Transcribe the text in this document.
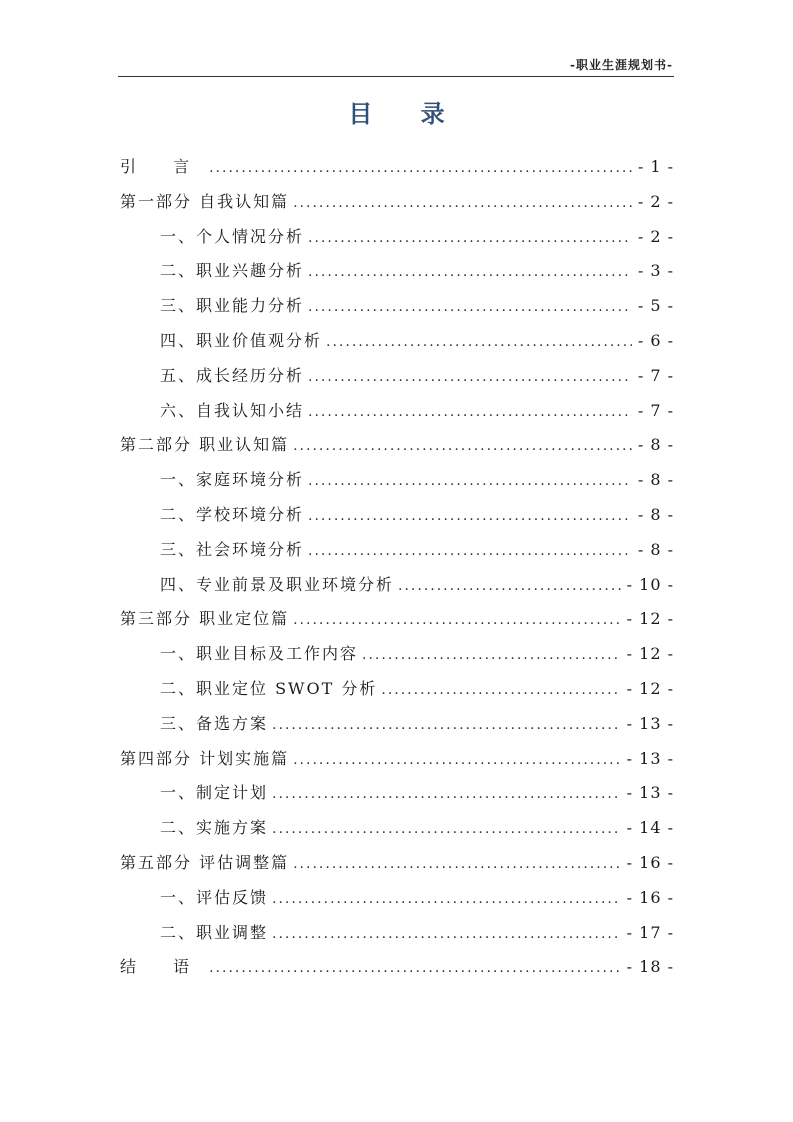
-职业生涯规划书-
目 录
引 言 .....	- 1 -
第一部分 自我认知篇 .....	- 2 -
一、个人情况分析 .....	- 2 -
二、职业兴趣分析 .....	- 3 -
三、职业能力分析 .....	- 5 -
四、职业价值观分析 .....	- 6 -
五、成长经历分析 .....	- 7 -
六、自我认知小结 .....	- 7 -
第二部分 职业认知篇 .....	- 8 -
一、家庭环境分析 .....	- 8 -
二、学校环境分析 .....	- 8 -
三、社会环境分析 .....	- 8 -
四、专业前景及职业环境分析 .....	- 10 -
第三部分 职业定位篇 .....	- 12 -
一、职业目标及工作内容 .....	- 12 -
二、职业定位 SWOT 分析 .....	- 12 -
三、备选方案 .....	- 13 -
第四部分 计划实施篇 .....	- 13 -
一、制定计划 .....	- 13 -
二、实施方案 .....	- 14 -
第五部分 评估调整篇 .....	- 16 -
一、评估反馈 .....	- 16 -
二、职业调整 .....	- 17 -
结 语 .....	- 18 -
